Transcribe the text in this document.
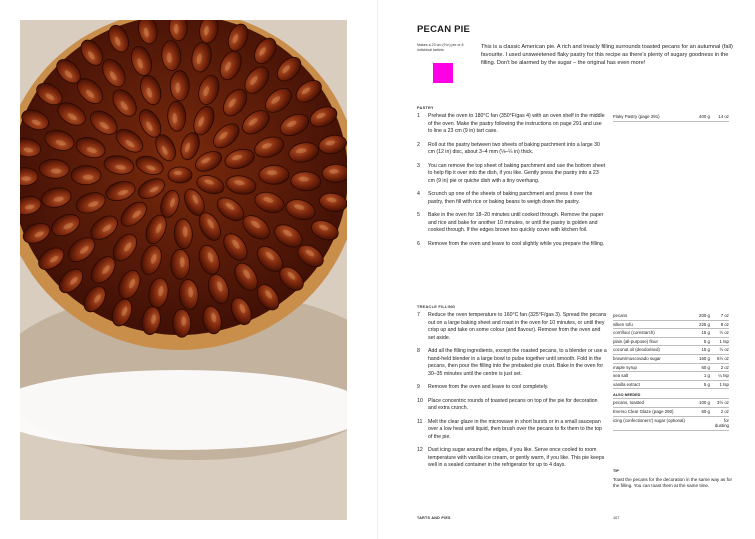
PECAN PIE
Makes a 23 cm (9 in) pie or 8 individual tartlets	This is a classic American pie. A rich and treacly filling surrounds toasted pecans for an autumnal (fall) favourite. I used unsweetened flaky pastry for this recipe as there's plenty of sugary goodness in the filling. Don't be alarmed by the sugar – the original has even more!
PASTRY
1 Preheat the oven to 180°C fan (350°F/gas 4) with an oven shelf in the middle of the oven. Make the pastry following the instructions on page 291 and use to line a 23 cm (9 in) tart case.
2 Roll out the pastry between two sheets of baking parchment into a large 30 cm (12 in) disc, about 3–4 mm (⅛–¼ in) thick.
3 You can remove the top sheet of baking parchment and use the bottom sheet to help flip it over into the dish, if you like. Gently press the pastry into a 23 cm (9 in) pie or quiche dish with a tiny overhang.
4 Scrunch up one of the sheets of baking parchment and press it over the pastry, then fill with rice or baking beans to weigh down the pastry.
5 Bake in the oven for 18–20 minutes until cooked through. Remove the paper and rice and bake for another 10 minutes, or until the pastry is golden and cooked through. If the edges brown too quickly cover with kitchen foil.
6 Remove from the oven and leave to cool slightly while you prepare the filling.
TREACLE FILLING
7 Reduce the oven temperature to 160°C fan (325°F/gas 3). Spread the pecans out on a large baking sheet and roast in the oven for 10 minutes, or until they crisp up and take on some colour (and flavour). Remove from the oven and set aside.
8 Add all the filling ingredients, except the roasted pecans, to a blender or use a hand-held blender in a large bowl to pulse together until smooth. Fold in the pecans, then pour the filling into the prebaked pie crust. Bake in the oven for 30–35 minutes until the centre is just set.
9 Remove from the oven and leave to cool completely.
10 Place concentric rounds of toasted pecans on top of the pie for decoration and extra crunch.
11 Melt the clear glaze in the microwave in short bursts or in a small saucepan over a low heat until liquid, then brush over the pecans to fix them to the top of the pie.
12 Dust icing sugar around the edges, if you like. Serve once cooled to room temperature with vanilla ice cream, or gently warm, if you like. This pie keeps well in a sealed container in the refrigerator for up to 4 days.
Flaky Pastry (page 291)	400 g	14 oz
pecans	200 g	7 oz
silken tofu	225 g	8 oz
cornflour (cornstarch)	15 g	½ oz
plain (all-purpose) flour	5 g	1 tsp
coconut oil (deodorised)	15 g	½ oz
brown/muscovado sugar	160 g	5½ oz
maple syrup	60 g	2 oz
sea salt	1 g	¼ tsp
vanilla extract	5 g	1 tsp
ALSO NEEDED
pecans, toasted	100 g	3½ oz
Everso Clear Glaze (page 290)	60 g	2 oz
icing (confectioners') sugar (optional)	for dusting
TIP
Toast the pecans for the decoration in the same way as for the filling. You can toast them at the same time.
TARTS AND PIES	107
